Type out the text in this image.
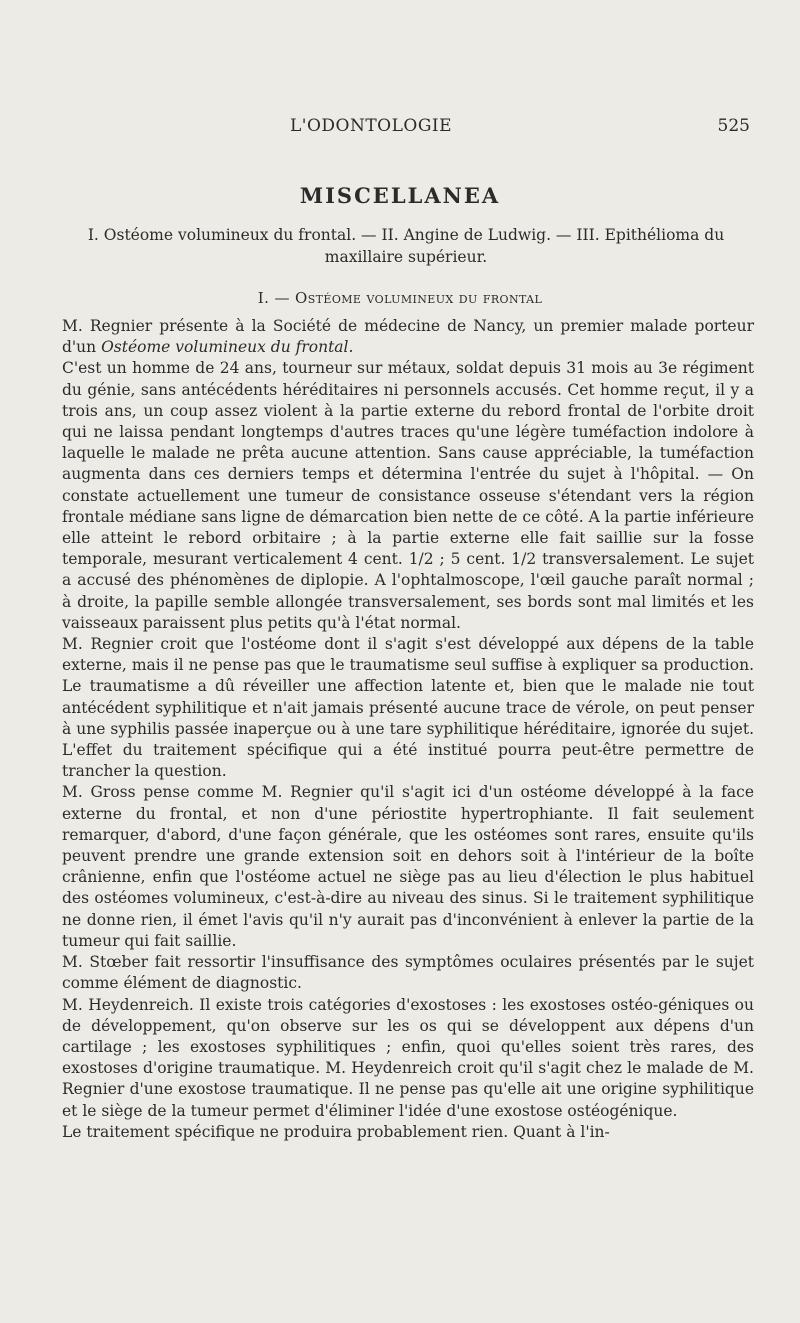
L'ODONTOLOGIE	525
MISCELLANEA
I. Ostéome volumineux du frontal. — II. Angine de Ludwig. — III. Epithélioma du maxillaire supérieur.
I. — Ostéome volumineux du frontal

M. Regnier présente à la Société de médecine de Nancy, un premier malade porteur d'un Ostéome volumineux du frontal.

C'est un homme de 24 ans, tourneur sur métaux, soldat depuis 31 mois au 3e régiment du génie, sans antécédents héréditaires ni personnels accusés. Cet homme reçut, il y a trois ans, un coup assez violent à la partie externe du rebord frontal de l'orbite droit qui ne laissa pendant longtemps d'autres traces qu'une légère tuméfaction indolore à laquelle le malade ne prêta aucune attention. Sans cause appréciable, la tuméfaction augmenta dans ces derniers temps et détermina l'entrée du sujet à l'hôpital. — On constate actuellement une tumeur de consistance osseuse s'étendant vers la région frontale médiane sans ligne de démarcation bien nette de ce côté. A la partie inférieure elle atteint le rebord orbitaire ; à la partie externe elle fait saillie sur la fosse temporale, mesurant verticalement 4 cent. 1/2 ; 5 cent. 1/2 transversalement. Le sujet a accusé des phénomènes de diplopie. A l'ophtalmoscope, l'œil gauche paraît normal ; à droite, la papille semble allongée transversalement, ses bords sont mal limités et les vaisseaux paraissent plus petits qu'à l'état normal.

M. Regnier croit que l'ostéome dont il s'agit s'est développé aux dépens de la table externe, mais il ne pense pas que le traumatisme seul suffise à expliquer sa production. Le traumatisme a dû réveiller une affection latente et, bien que le malade nie tout antécédent syphilitique et n'ait jamais présenté aucune trace de vérole, on peut penser à une syphilis passée inaperçue ou à une tare syphilitique héréditaire, ignorée du sujet. L'effet du traitement spécifique qui a été institué pourra peut-être permettre de trancher la question.

M. Gross pense comme M. Regnier qu'il s'agit ici d'un ostéome développé à la face externe du frontal, et non d'une périostite hypertrophiante. Il fait seulement remarquer, d'abord, d'une façon générale, que les ostéomes sont rares, ensuite qu'ils peuvent prendre une grande extension soit en dehors soit à l'intérieur de la boîte crânienne, enfin que l'ostéome actuel ne siège pas au lieu d'élection le plus habituel des ostéomes volumineux, c'est-à-dire au niveau des sinus. Si le traitement syphilitique ne donne rien, il émet l'avis qu'il n'y aurait pas d'inconvénient à enlever la partie de la tumeur qui fait saillie.

M. Stœber fait ressortir l'insuffisance des symptômes oculaires présentés par le sujet comme élément de diagnostic.

M. Heydenreich. Il existe trois catégories d'exostoses : les exostoses ostéo-géniques ou de développement, qu'on observe sur les os qui se développent aux dépens d'un cartilage ; les exostoses syphilitiques ; enfin, quoi qu'elles soient très rares, des exostoses d'origine traumatique. M. Heydenreich croit qu'il s'agit chez le malade de M. Regnier d'une exostose traumatique. Il ne pense pas qu'elle ait une origine syphilitique et le siège de la tumeur permet d'éliminer l'idée d'une exostose ostéogénique.

Le traitement spécifique ne produira probablement rien. Quant à l'in-
